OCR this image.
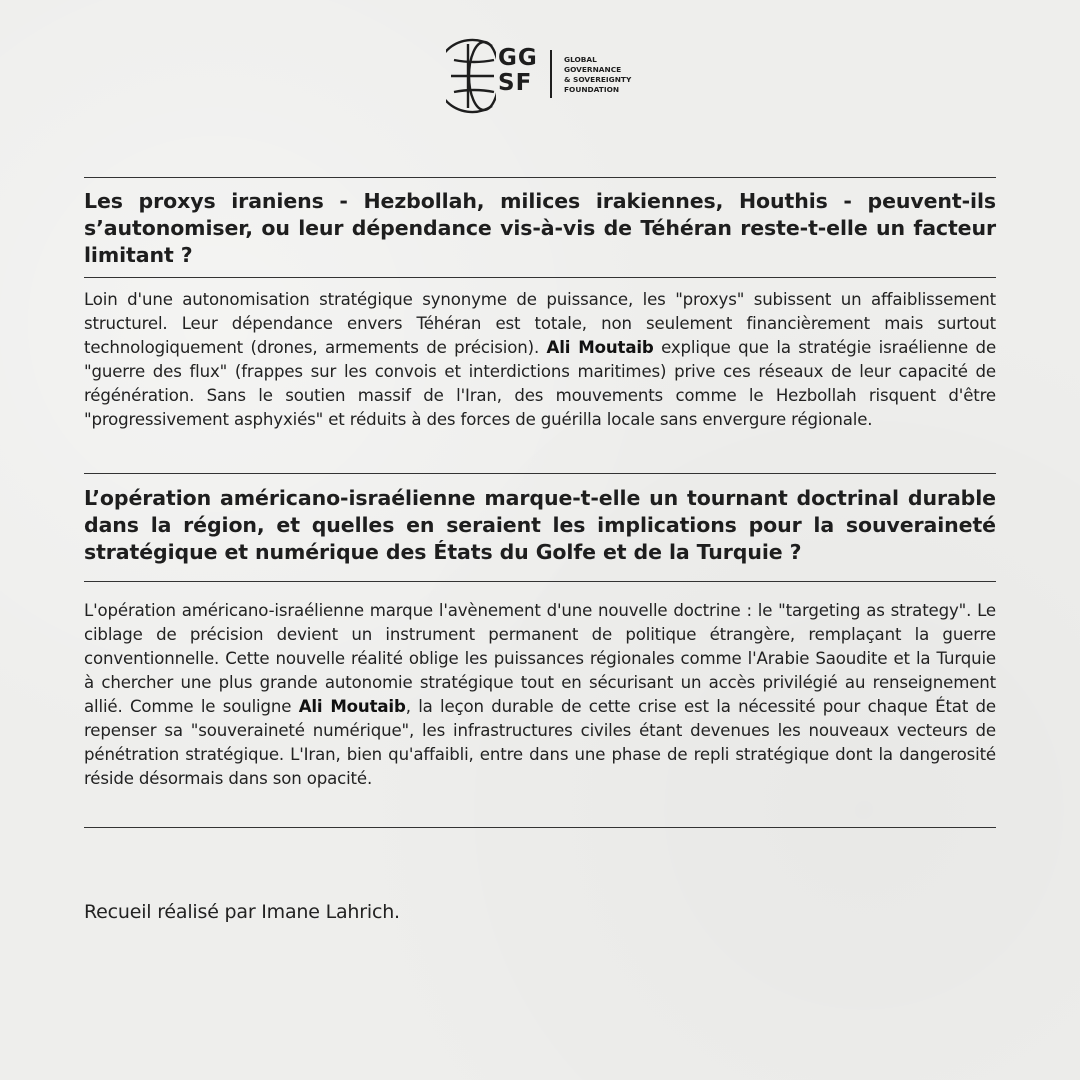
GG
SF
GLOBAL
GOVERNANCE
& SOVEREIGNTY
FOUNDATION

Les proxys iraniens - Hezbollah, milices irakiennes, Houthis - peuvent-ils s’autonomiser, ou leur dépendance vis-à-vis de Téhéran reste-t-elle un facteur limitant ?

Loin d'une autonomisation stratégique synonyme de puissance, les "proxys" subissent un affaiblissement structurel. Leur dépendance envers Téhéran est totale, non seulement financièrement mais surtout technologiquement (drones, armements de précision). Ali Moutaib explique que la stratégie israélienne de "guerre des flux" (frappes sur les convois et interdictions maritimes) prive ces réseaux de leur capacité de régénération. Sans le soutien massif de l'Iran, des mouvements comme le Hezbollah risquent d'être "progressivement asphyxiés" et réduits à des forces de guérilla locale sans envergure régionale.

L’opération américano-israélienne marque-t-elle un tournant doctrinal durable dans la région, et quelles en seraient les implications pour la souveraineté stratégique et numérique des États du Golfe et de la Turquie ?

L'opération américano-israélienne marque l'avènement d'une nouvelle doctrine : le "targeting as strategy". Le ciblage de précision devient un instrument permanent de politique étrangère, remplaçant la guerre conventionnelle. Cette nouvelle réalité oblige les puissances régionales comme l'Arabie Saoudite et la Turquie à chercher une plus grande autonomie stratégique tout en sécurisant un accès privilégié au renseignement allié. Comme le souligne Ali Moutaib, la leçon durable de cette crise est la nécessité pour chaque État de repenser sa "souveraineté numérique", les infrastructures civiles étant devenues les nouveaux vecteurs de pénétration stratégique. L'Iran, bien qu'affaibli, entre dans une phase de repli stratégique dont la dangerosité réside désormais dans son opacité.

Recueil réalisé par Imane Lahrich.
